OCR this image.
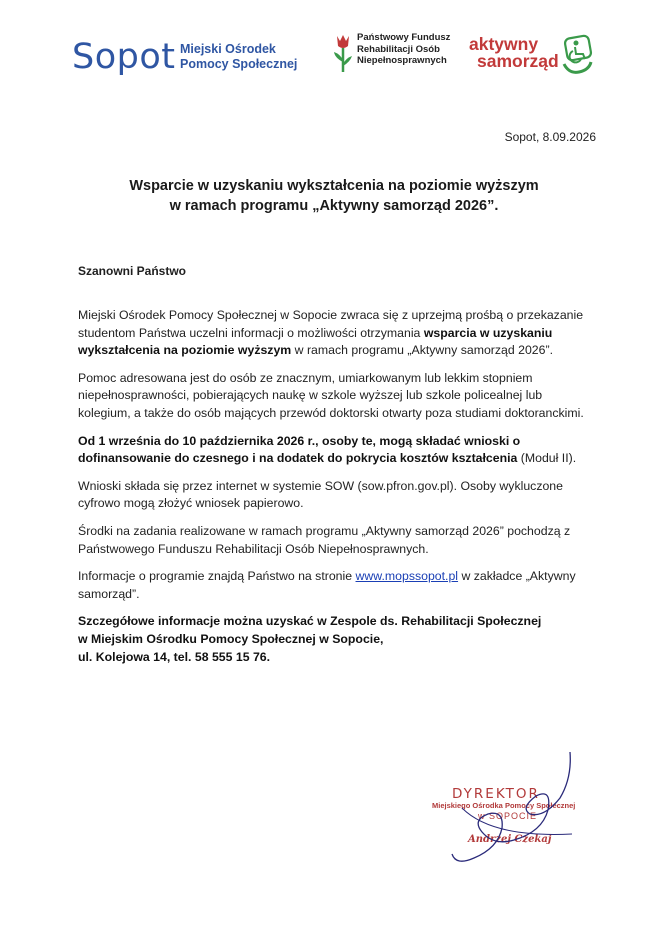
Sopot Miejski Ośrodek
Pomocy Społecznej
Państwowy Fundusz
Rehabilitacji Osób
Niepełnosprawnych
aktywny
samorząd
Sopot, 8.09.2026
Wsparcie w uzyskaniu wykształcenia na poziomie wyższym
w ramach programu „Aktywny samorząd 2026”.
Szanowni Państwo

Miejski Ośrodek Pomocy Społecznej w Sopocie zwraca się z uprzejmą prośbą o przekazanie studentom Państwa uczelni informacji o możliwości otrzymania wsparcia w uzyskaniu wykształcenia na poziomie wyższym w ramach programu „Aktywny samorząd 2026”.

Pomoc adresowana jest do osób ze znacznym, umiarkowanym lub lekkim stopniem niepełnosprawności, pobierających naukę w szkole wyższej lub szkole policealnej lub kolegium, a także do osób mających przewód doktorski otwarty poza studiami doktoranckimi.

Od 1 września do 10 października 2026 r., osoby te, mogą składać wnioski o dofinansowanie do czesnego i na dodatek do pokrycia kosztów kształcenia (Moduł II).

Wnioski składa się przez internet w systemie SOW (sow.pfron.gov.pl). Osoby wykluczone cyfrowo mogą złożyć wniosek papierowo.

Środki na zadania realizowane w ramach programu „Aktywny samorząd 2026” pochodzą z Państwowego Funduszu Rehabilitacji Osób Niepełnosprawnych.

Informacje o programie znajdą Państwo na stronie www.mopssopot.pl w zakładce „Aktywny samorząd”.

Szczegółowe informacje można uzyskać w Zespole ds. Rehabilitacji Społecznej
w Miejskim Ośrodku Pomocy Społecznej w Sopocie,
ul. Kolejowa 14, tel. 58 555 15 76.

DYREKTOR
Miejskiego Ośrodka Pomocy Społecznej
w SOPOCIE
Andrzej Czekaj
